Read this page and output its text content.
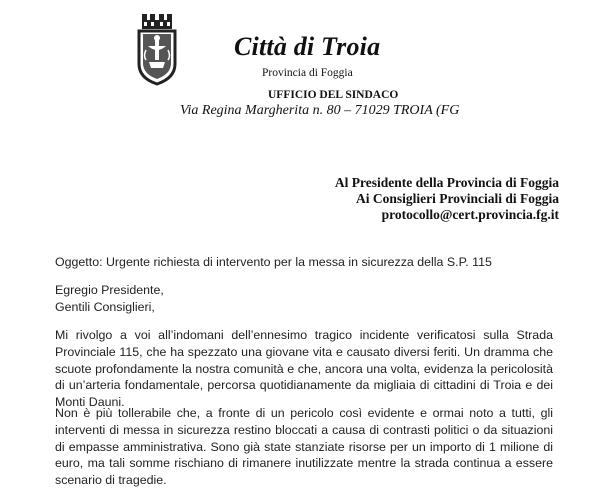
Città di Troia
Provincia di Foggia
UFFICIO DEL SINDACO
Via Regina Margherita n. 80 – 71029 TROIA (FG
Al Presidente della Provincia di Foggia
Ai Consiglieri Provinciali di Foggia
protocollo@cert.provincia.fg.it
Oggetto: Urgente richiesta di intervento per la messa in sicurezza della S.P. 115
Egregio Presidente,
Gentili Consiglieri,
Mi rivolgo a voi all’indomani dell’ennesimo tragico incidente verificatosi sulla Strada Provinciale 115, che ha spezzato una giovane vita e causato diversi feriti. Un dramma che scuote profondamente la nostra comunità e che, ancora una volta, evidenza la pericolosità di un’arteria fondamentale, percorsa quotidianamente da migliaia di cittadini di Troia e dei Monti Dauni.
Non è più tollerabile che, a fronte di un pericolo così evidente e ormai noto a tutti, gli interventi di messa in sicurezza restino bloccati a causa di contrasti politici o da situazioni di empasse amministrativa. Sono già state stanziate risorse per un importo di 1 milione di euro, ma tali somme rischiano di rimanere inutilizzate mentre la strada continua a essere scenario di tragedie.
